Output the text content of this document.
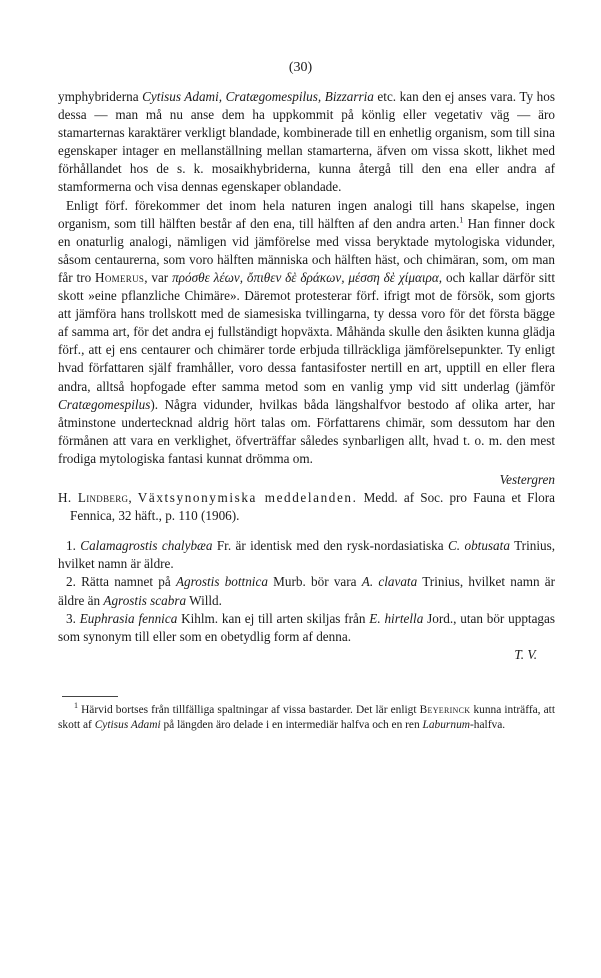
(30)

ymphybriderna Cytisus Adami, Cratægomespilus, Bizzarria etc. kan den ej anses vara. Ty hos dessa — man må nu anse dem ha uppkommit på könlig eller vegetativ väg — äro stamarternas karaktärer verkligt blandade, kombinerade till en enhetlig organism, som till sina egenskaper intager en mellanställning mellan stamarterna, äfven om vissa skott, likhet med förhållandet hos de s. k. mosaikhybriderna, kunna återgå till den ena eller andra af stamformerna och visa dennas egenskaper oblandade.

Enligt förf. förekommer det inom hela naturen ingen analogi till hans skapelse, ingen organism, som till hälften består af den ena, till hälften af den andra arten.$^1$ Han finner dock en onaturlig analogi, nämligen vid jämförelse med vissa beryktade mytologiska vidunder, såsom centaurerna, som voro hälften människa och hälften häst, och chimäran, som, om man får tro Homerus, var πρόσθε λέων, ὄπιθεν δὲ δράκων, μέσση δὲ χίμαιρα, och kallar därför sitt skott »eine pflanzliche Chimäre». Däremot protesterar förf. ifrigt mot de försök, som gjorts att jämföra hans trollskott med de siamesiska tvillingarna, ty dessa voro för det första bägge af samma art, för det andra ej fullständigt hopväxta. Måhända skulle den åsikten kunna glädja förf., att ej ens centaurer och chimärer torde erbjuda tillräckliga jämförelsepunkter. Ty enligt hvad författaren själf framhåller, voro dessa fantasifoster nertill en art, upptill en eller flera andra, alltså hopfogade efter samma metod som en vanlig ymp vid sitt underlag (jämför Cratægomespilus). Några vidunder, hvilkas båda längshalfvor bestodo af olika arter, har åtminstone undertecknad aldrig hört talas om. Författarens chimär, som dessutom har den förmånen att vara en verklighet, öfverträffar således synbarligen allt, hvad t. o. m. den mest frodiga mytologiska fantasi kunnat drömma om.

Vestergren

H. Lindberg, Växtsynonymiska meddelanden. Medd. af Soc. pro Fauna et Flora Fennica, 32 häft., p. 110 (1906).

1. Calamagrostis chalybæa Fr. är identisk med den rysk-nordasiatiska C. obtusata Trinius, hvilket namn är äldre.

2. Rätta namnet på Agrostis bottnica Murb. bör vara A. clavata Trinius, hvilket namn är äldre än Agrostis scabra Willd.

3. Euphrasia fennica Kihlm. kan ej till arten skiljas från E. hirtella Jord., utan bör upptagas som synonym till eller som en obetydlig form af denna.

T. V.

$^1$ Härvid bortses från tillfälliga spaltningar af vissa bastarder. Det lär enligt Beyerinck kunna inträffa, att skott af Cytisus Adami på längden äro delade i en intermediär halfva och en ren Laburnum-halfva.
